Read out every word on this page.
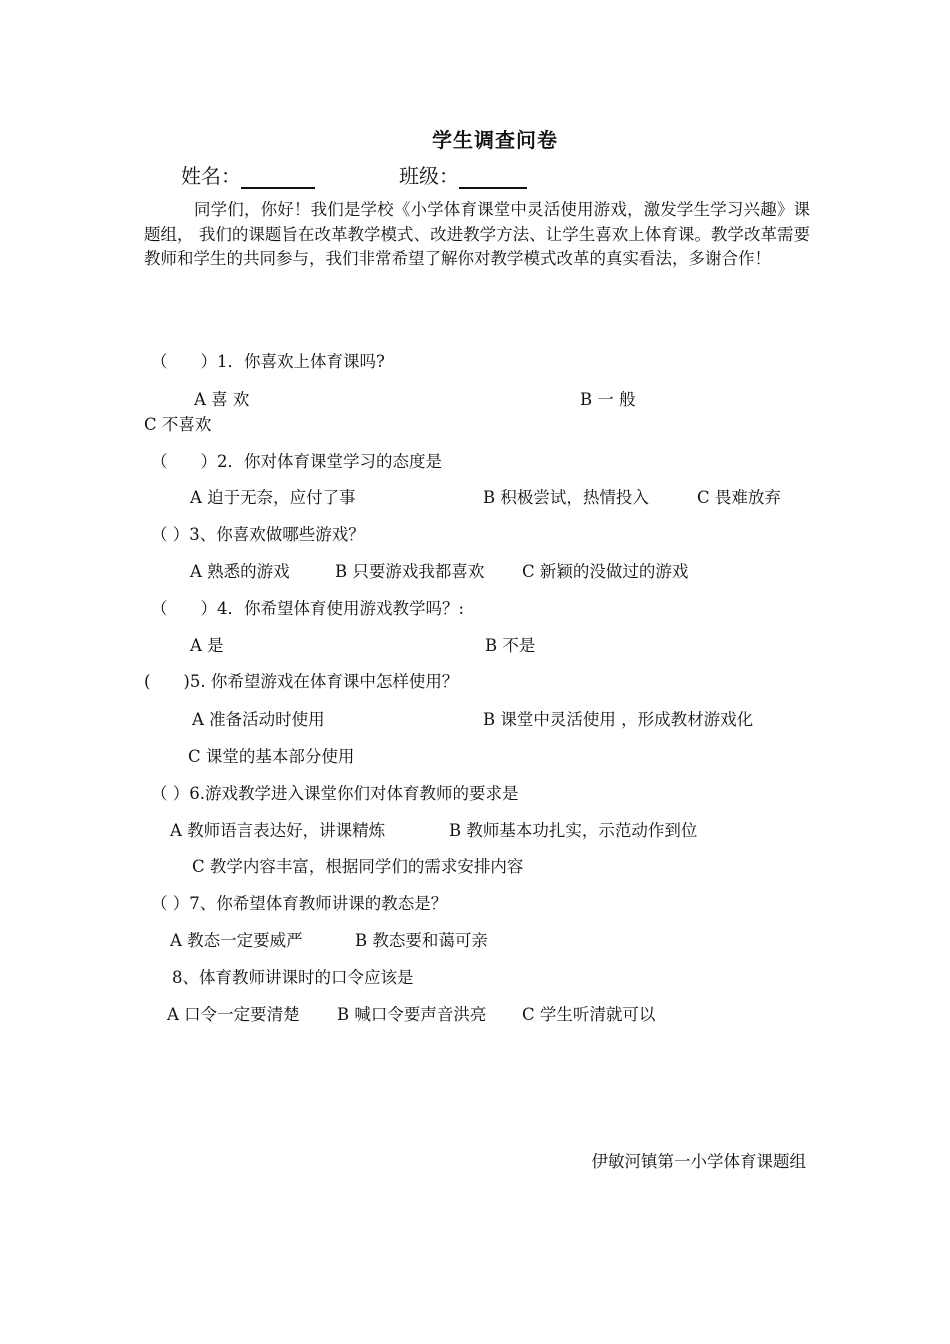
学生调查问卷
姓名：	班级：
同学们，你好！我们是学校《小学体育课堂中灵活使用游戏，激发学生学习兴趣》课题组， 我们的课题旨在改革教学模式、改进教学方法、让学生喜欢上体育课。教学改革需要教师和学生的共同参与，我们非常希望了解你对教学模式改革的真实看法，多谢合作！
（　　）1．你喜欢上体育课吗?
A 喜 欢	B 一 般
C 不喜欢
（　　）2．你对体育课堂学习的态度是
A 迫于无奈，应付了事	B 积极尝试，热情投入	C 畏难放弃
（ ）3、你喜欢做哪些游戏？
A 熟悉的游戏	B 只要游戏我都喜欢 C 新颖的没做过的游戏
（　　）4．你希望体育使用游戏教学吗？:
A 是	B 不是
(　　)5. 你希望游戏在体育课中怎样使用？
A 准备活动时使用	B 课堂中灵活使用 ，形成教材游戏化
C 课堂的基本部分使用
（ ）6.游戏教学进入课堂你们对体育教师的要求是
A 教师语言表达好，讲课精炼	B 教师基本功扎实，示范动作到位
C 教学内容丰富，根据同学们的需求安排内容
（ ）7、你希望体育教师讲课的教态是？
A 教态一定要威严	B 教态要和蔼可亲
8、体育教师讲课时的口令应该是
A 口令一定要清楚 B 喊口令要声音洪亮 C 学生听清就可以
伊敏河镇第一小学体育课题组
